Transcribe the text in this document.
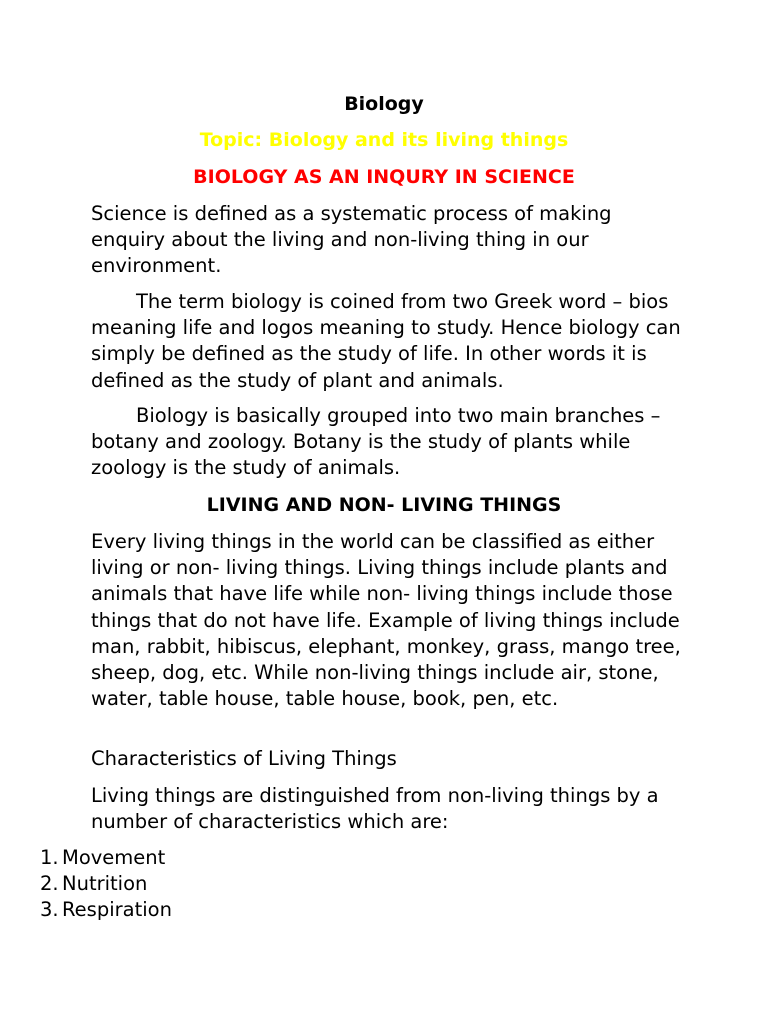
Biology
Topic: Biology and its living things
BIOLOGY AS AN INQURY IN SCIENCE

Science is defined as a systematic process of making enquiry about the living and non-living thing in our environment.

The term biology is coined from two Greek word – bios meaning life and logos meaning to study. Hence biology can simply be defined as the study of life. In other words it is defined as the study of plant and animals.

Biology is basically grouped into two main branches – botany and zoology. Botany is the study of plants while zoology is the study of animals.

LIVING AND NON- LIVING THINGS

Every living things in the world can be classified as either living or non- living things. Living things include plants and animals that have life while non- living things include those things that do not have life. Example of living things include man, rabbit, hibiscus, elephant, monkey, grass, mango tree, sheep, dog, etc. While non-living things include air, stone, water, table house, table house, book, pen, etc.

Characteristics of Living Things

Living things are distinguished from non-living things by a number of characteristics which are:

1. Movement
2. Nutrition
3. Respiration
